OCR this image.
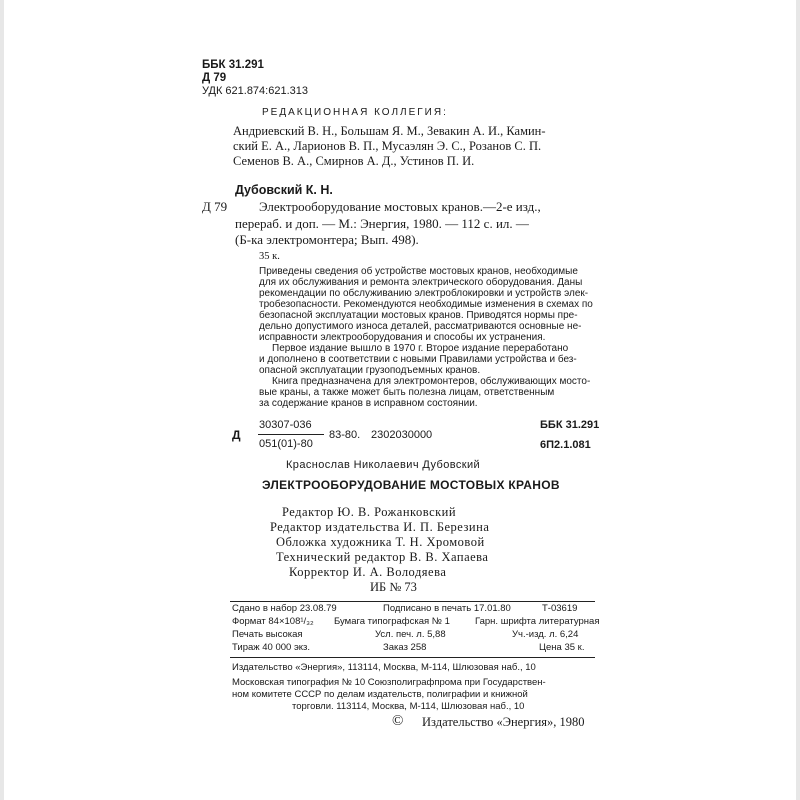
ББК 31.291
Д 79
УДК 621.874:621.313
РЕДАКЦИОННАЯ КОЛЛЕГИЯ:
Андриевский В. Н., Большам Я. М., Зевакин А. И., Камин-
ский Е. А., Ларионов В. П., Мусаэлян Э. С., Розанов С. П.
Семенов В. А., Смирнов А. Д., Устинов П. И.
Дубовский К. Н.
Д 79 Электрооборудование мостовых кранов.—2-е изд.,
перераб. и доп. — М.: Энергия, 1980. — 112 с. ил. —
(Б-ка электромонтера; Вып. 498).
35 к.
Приведены сведения об устройстве мостовых кранов, необходимые
для их обслуживания и ремонта электрического оборудования. Даны
рекомендации по обслуживанию электроблокировки и устройств элек-
тробезопасности. Рекомендуются необходимые изменения в схемах по
безопасной эксплуатации мостовых кранов. Приводятся нормы пре-
дельно допустимого износа деталей, рассматриваются основные не-
исправности электрооборудования и способы их устранения.
Первое издание вышло в 1970 г. Второе издание переработано
и дополнено в соответствии с новыми Правилами устройства и без-
опасной эксплуатации грузоподъемных кранов.
Книга предназначена для электромонтеров, обслуживающих мосто-
вые краны, а также может быть полезна лицам, ответственным
за содержание кранов в исправном состоянии.
Д
30307-036
051(01)-80
83-80. 2302030000
ББК 31.291
6П2.1.081
Краснослав Николаевич Дубовский
ЭЛЕКТРООБОРУДОВАНИЕ МОСТОВЫХ КРАНОВ
Редактор Ю. В. Рожанковский
Редактор издательства И. П. Березина
Обложка художника Т. Н. Хромовой
Технический редактор В. В. Хапаева
Корректор И. А. Володяева
ИБ № 73
Сдано в набор 23.08.79	Подписано в печать 17.01.80	Т-03619
Формат 84×108¹/₃₂ Бумага типографская № 1	Гарн. шрифта литературная
Печать высокая	Усл. печ. л. 5,88	Уч.-изд. л. 6,24
Тираж 40 000 экз.	Заказ 258	Цена 35 к.
Издательство «Энергия», 113114, Москва, М-114, Шлюзовая наб., 10
Московская типография № 10 Союзполиграфпрома при Государствен-
ном комитете СССР по делам издательств, полиграфии и книжной
торговли. 113114, Москва, М-114, Шлюзовая наб., 10
© Издательство «Энергия», 1980
